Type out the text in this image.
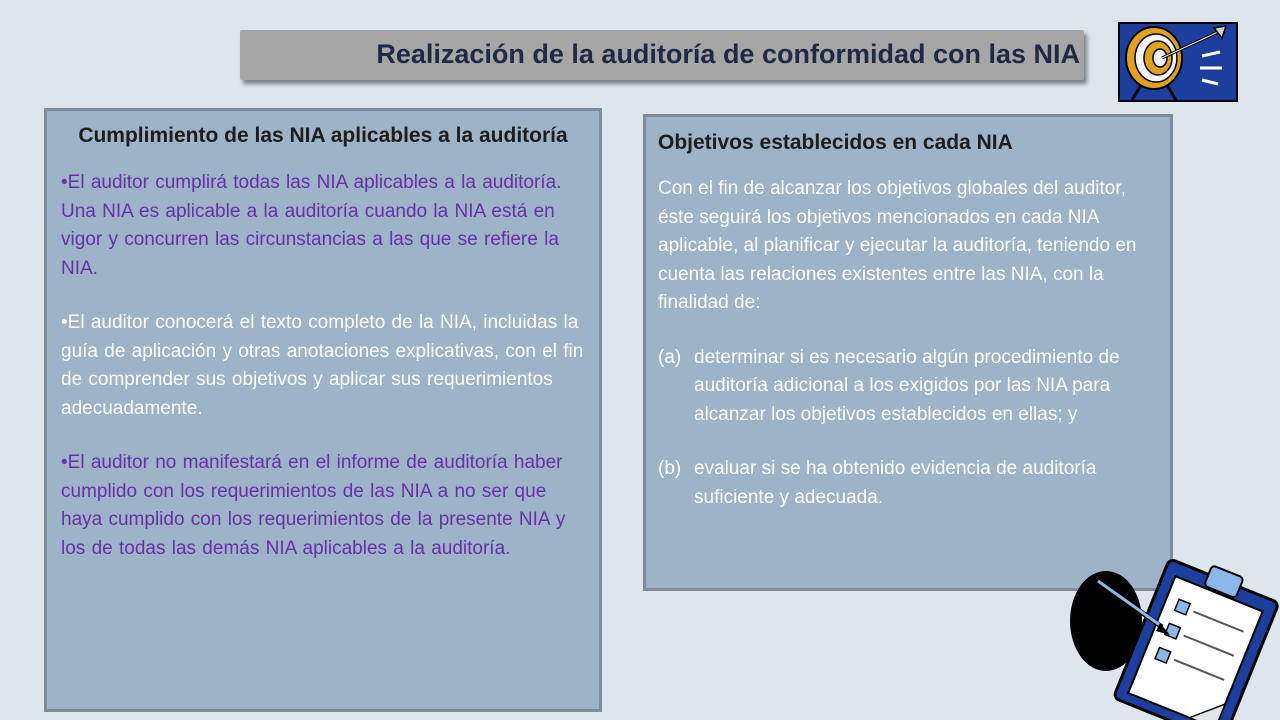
Realización de la auditoría de conformidad con las NIA
Cumplimiento de las NIA aplicables a la auditoría
•El auditor cumplirá todas las NIA aplicables a la auditoría. Una NIA es aplicable a la auditoría cuando la NIA está en vigor y concurren las circunstancias a las que se refiere la NIA.
•El auditor conocerá el texto completo de la NIA, incluidas la guía de aplicación y otras anotaciones explicativas, con el fin de comprender sus objetivos y aplicar sus requerimientos adecuadamente.
•El auditor no manifestará en el informe de auditoría haber cumplido con los requerimientos de las NIA a no ser que haya cumplido con los requerimientos de la presente NIA y los de todas las demás NIA aplicables a la auditoría.
Objetivos establecidos en cada NIA
Con el fin de alcanzar los objetivos globales del auditor, éste seguirá los objetivos mencionados en cada NIA aplicable, al planificar y ejecutar la auditoría, teniendo en cuenta las relaciones existentes entre las NIA, con la finalidad de:
(a) determinar si es necesario algún procedimiento de auditoría adicional a los exigidos por las NIA para alcanzar los objetivos establecidos en ellas; y
(b) evaluar si se ha obtenido evidencia de auditoría suficiente y adecuada.
